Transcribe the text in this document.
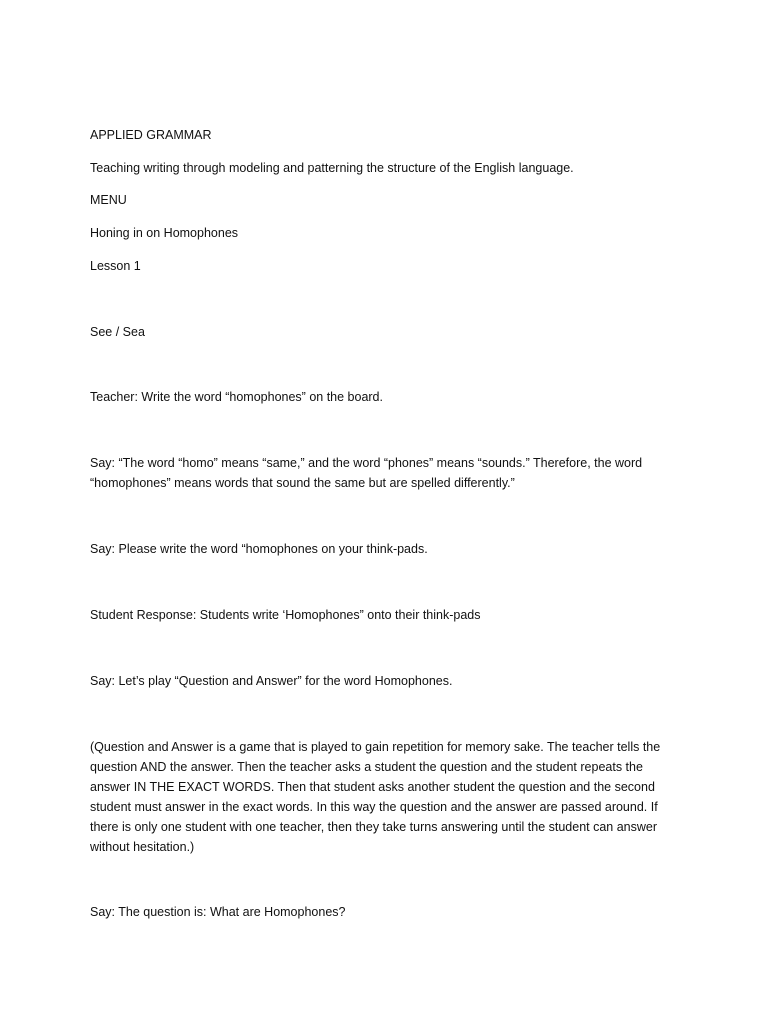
APPLIED GRAMMAR
Teaching writing through modeling and patterning the structure of the English language.
MENU
Honing in on Homophones
Lesson 1
See / Sea
Teacher: Write the word “homophones” on the board.
Say: “The word “homo” means “same,” and the word “phones” means “sounds.” Therefore, the word
“homophones” means words that sound the same but are spelled differently.”
Say: Please write the word “homophones on your think-pads.
Student Response: Students write ‘Homophones” onto their think-pads
Say: Let’s play “Question and Answer” for the word Homophones.
(Question and Answer is a game that is played to gain repetition for memory sake. The teacher tells the
question AND the answer. Then the teacher asks a student the question and the student repeats the
answer IN THE EXACT WORDS. Then that student asks another student the question and the second
student must answer in the exact words. In this way the question and the answer are passed around. If
there is only one student with one teacher, then they take turns answering until the student can answer
without hesitation.)
Say: The question is: What are Homophones?
